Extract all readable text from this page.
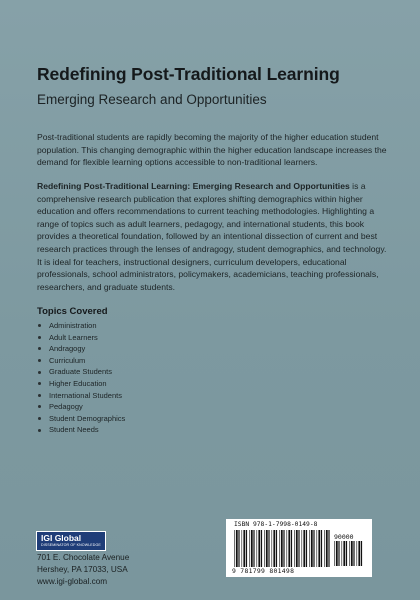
Redefining Post-Traditional Learning
Emerging Research and Opportunities

Post-traditional students are rapidly becoming the majority of the higher education student population. This changing demographic within the higher education landscape increases the demand for flexible learning options accessible to non-traditional learners.

Redefining Post-Traditional Learning: Emerging Research and Opportunities is a comprehensive research publication that explores shifting demographics within higher education and offers recommendations to current teaching methodologies. Highlighting a range of topics such as adult learners, pedagogy, and international students, this book provides a theoretical foundation, followed by an intentional dissection of current and best research practices through the lenses of andragogy, student demographics, and technology. It is ideal for teachers, instructional designers, curriculum developers, educational professionals, school administrators, policymakers, academicians, teaching professionals, researchers, and graduate students.

Topics Covered
Administration
Adult Learners
Andragogy
Curriculum
Graduate Students
Higher Education
International Students
Pedagogy
Student Demographics
Student Needs
IGI Global
DISSEMINATOR OF KNOWLEDGE
701 E. Chocolate Avenue
Hershey, PA 17033, USA
www.igi-global.com
ISBN 978-1-7998-0149-8
90000
9 781799 801498
